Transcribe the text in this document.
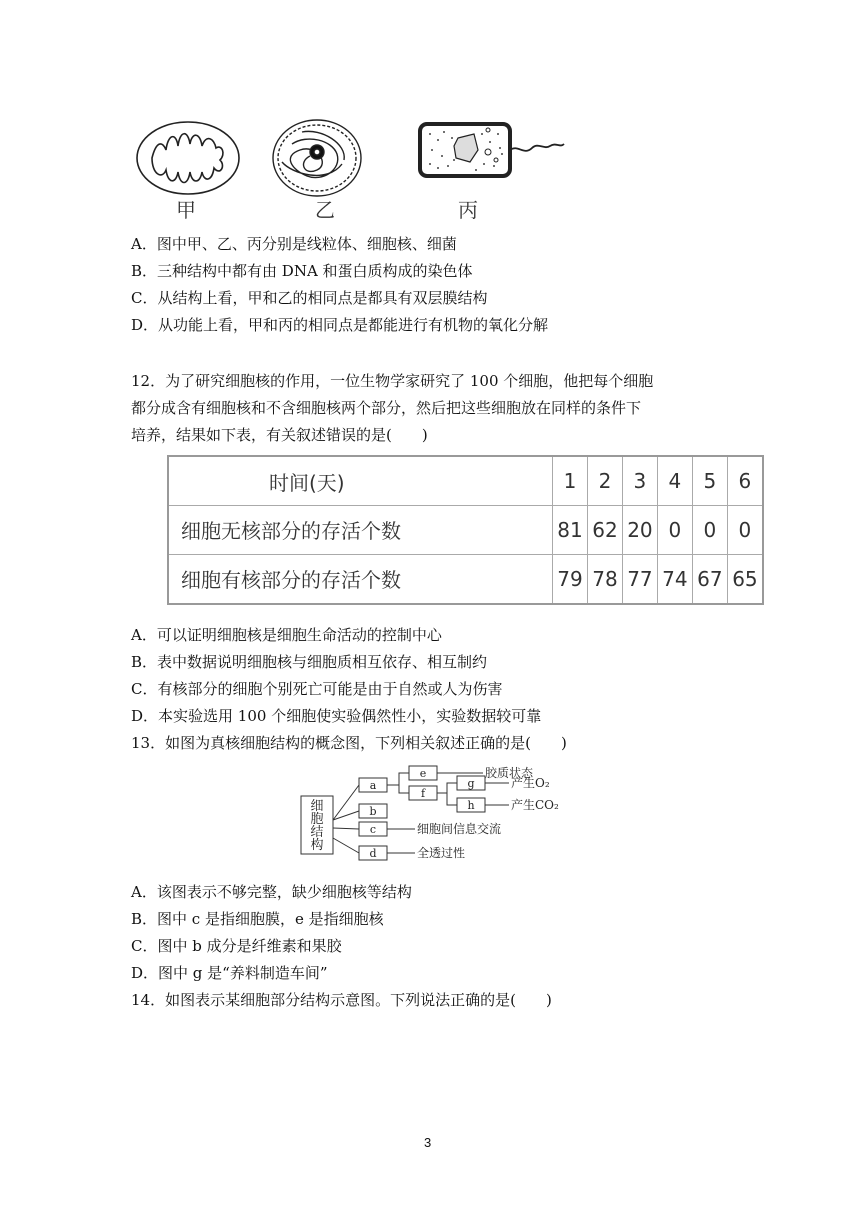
甲	乙	丙
A．图中甲、乙、丙分别是线粒体、细胞核、细菌
B．三种结构中都有由 DNA 和蛋白质构成的染色体
C．从结构上看，甲和乙的相同点是都具有双层膜结构
D．从功能上看，甲和丙的相同点是都能进行有机物的氧化分解
12．为了研究细胞核的作用，一位生物学家研究了 100 个细胞，他把每个细胞
都分成含有细胞核和不含细胞核两个部分，然后把这些细胞放在同样的条件下
培养，结果如下表，有关叙述错误的是(　　)
时间(天)	1	2	3	4	5	6
细胞无核部分的存活个数	81	62	20	0	0	0
细胞有核部分的存活个数	79	78	77	74	67	65
A．可以证明细胞核是细胞生命活动的控制中心
B．表中数据说明细胞核与细胞质相互依存、相互制约
C．有核部分的细胞个别死亡可能是由于自然或人为伤害
D．本实验选用 100 个细胞使实验偶然性小，实验数据较可靠
13．如图为真核细胞结构的概念图，下列相关叙述正确的是(　　)
a
b
c
d
e
f
g
h
细
胞
结
构
胶质状态
产生O₂
产生CO₂
细胞间信息交流
全透过性
A．该图表示不够完整，缺少细胞核等结构
B．图中 c 是指细胞膜，e 是指细胞核
C．图中 b 成分是纤维素和果胶
D．图中 g 是“养料制造车间”
14．如图表示某细胞部分结构示意图。下列说法正确的是(　　)
3
